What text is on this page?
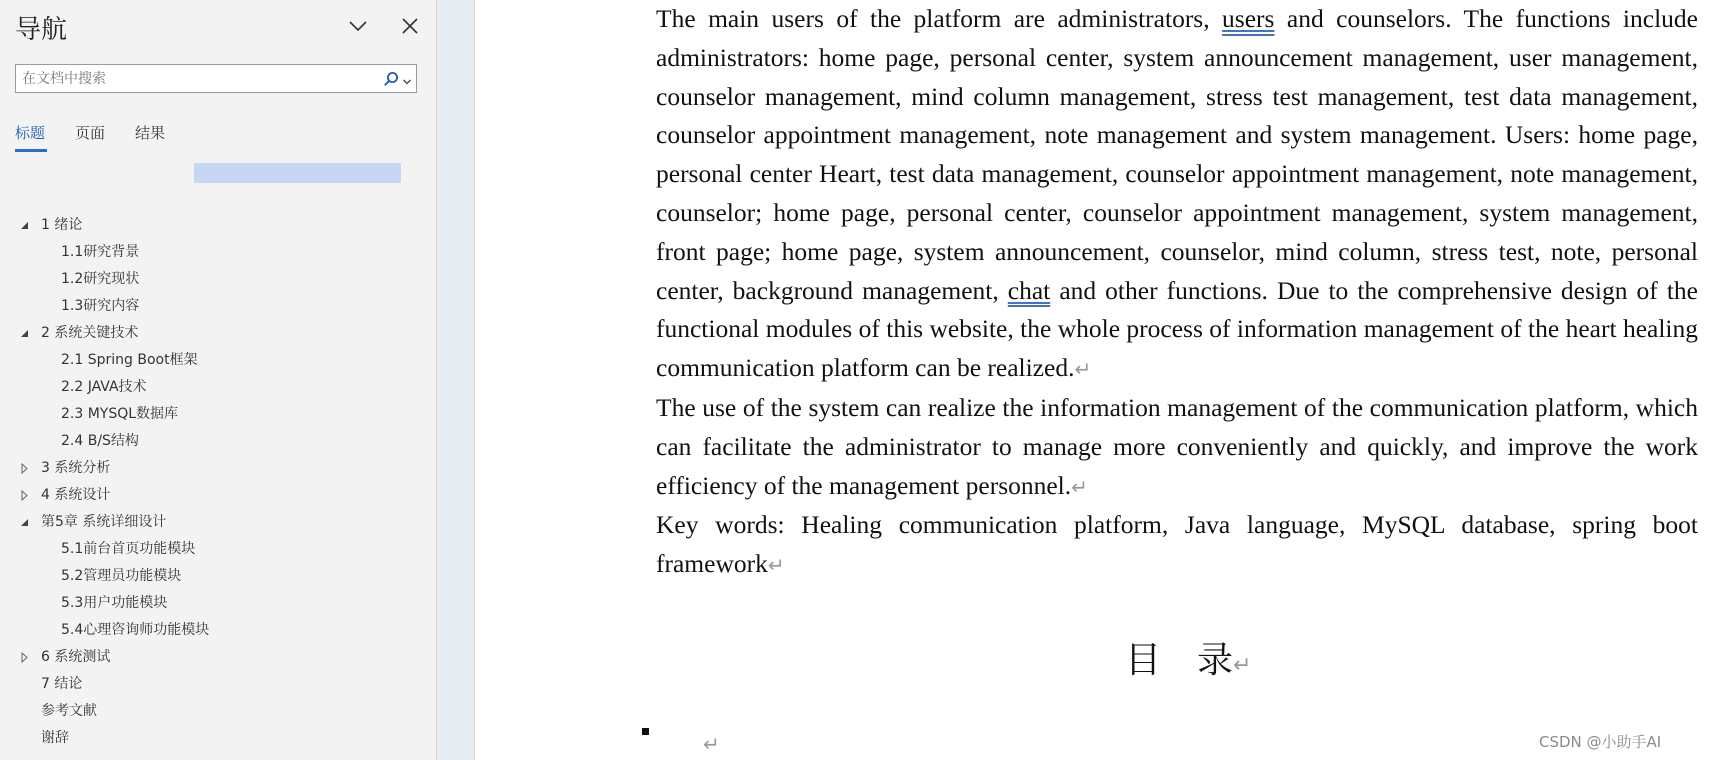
导航
在文档中搜索
标题 页面 结果
1 绪论
1.1研究背景
1.2研究现状
1.3研究内容
2 系统关键技术
2.1 Spring Boot框架
2.2 JAVA技术
2.3 MYSQL数据库
2.4 B/S结构
3 系统分析
4 系统设计
第5章 系统详细设计
5.1前台首页功能模块
5.2管理员功能模块
5.3用户功能模块
5.4心理咨询师功能模块
6 系统测试
7 结论
参考文献
谢辞

The main users of the platform are administrators, users and counselors. The functions include administrators: home page, personal center, system announcement management, user management, counselor management, mind column management, stress test management, test data management, counselor appointment management, note management and system management. Users: home page, personal center Heart, test data management, counselor appointment management, note management, counselor; home page, personal center, counselor appointment management, system management, front page; home page, system announcement, counselor, mind column, stress test, note, personal center, background management, chat and other functions. Due to the comprehensive design of the functional modules of this website, the whole process of information management of the heart healing communication platform can be realized.↵

The use of the system can realize the information management of the communication platform, which can facilitate the administrator to manage more conveniently and quickly, and improve the work efficiency of the management personnel.↵

Key words: Healing communication platform, Java language, MySQL database, spring boot framework↵

目　录↵
↵	CSDN @小助手AI
